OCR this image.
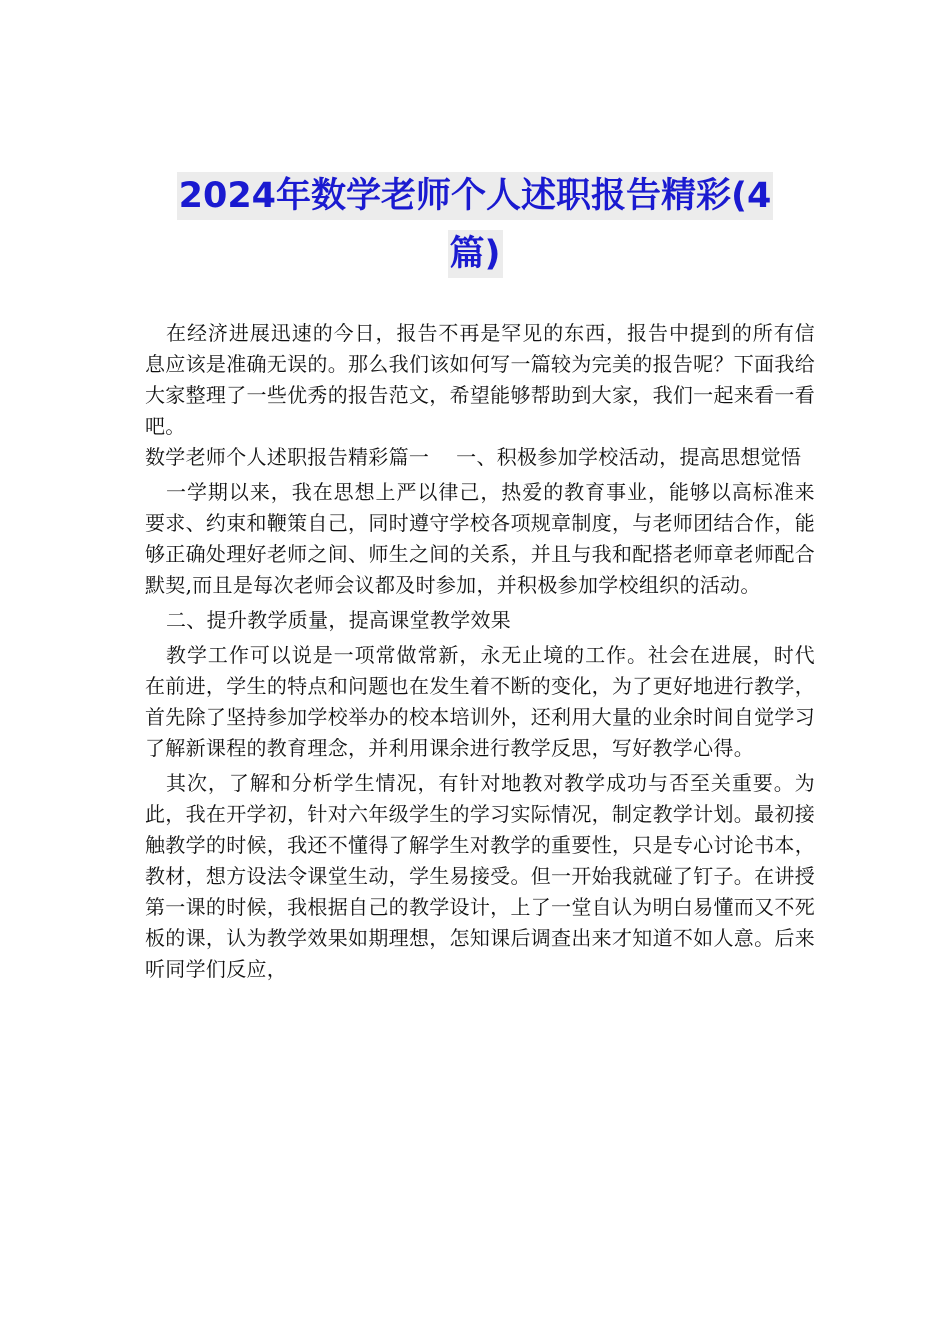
2024年数学老师个人述职报告精彩(4
篇)

在经济进展迅速的今日，报告不再是罕见的东西，报告中提到的所有信息应该是准确无误的。那么我们该如何写一篇较为完美的报告呢？下面我给大家整理了一些优秀的报告范文，希望能够帮助到大家，我们一起来看一看吧。

数学老师个人述职报告精彩篇一　 一、积极参加学校活动，提高思想觉悟

一学期以来，我在思想上严以律己，热爱的教育事业，能够以高标准来要求、约束和鞭策自己，同时遵守学校各项规章制度，与老师团结合作，能够正确处理好老师之间、师生之间的关系，并且与我和配搭老师章老师配合默契,而且是每次老师会议都及时参加，并积极参加学校组织的活动。

二、提升教学质量，提高课堂教学效果

教学工作可以说是一项常做常新，永无止境的工作。社会在进展，时代在前进，学生的特点和问题也在发生着不断的变化，为了更好地进行教学，首先除了坚持参加学校举办的校本培训外，还利用大量的业余时间自觉学习了解新课程的教育理念，并利用课余进行教学反思，写好教学心得。

其次，了解和分析学生情况，有针对地教对教学成功与否至关重要。为此，我在开学初，针对六年级学生的学习实际情况，制定教学计划。最初接触教学的时候，我还不懂得了解学生对教学的重要性，只是专心讨论书本，教材，想方设法令课堂生动，学生易接受。但一开始我就碰了钉子。在讲授第一课的时候，我根据自己的教学设计，上了一堂自认为明白易懂而又不死板的课，认为教学效果如期理想，怎知课后调查出来才知道不如人意。后来听同学们反应，
